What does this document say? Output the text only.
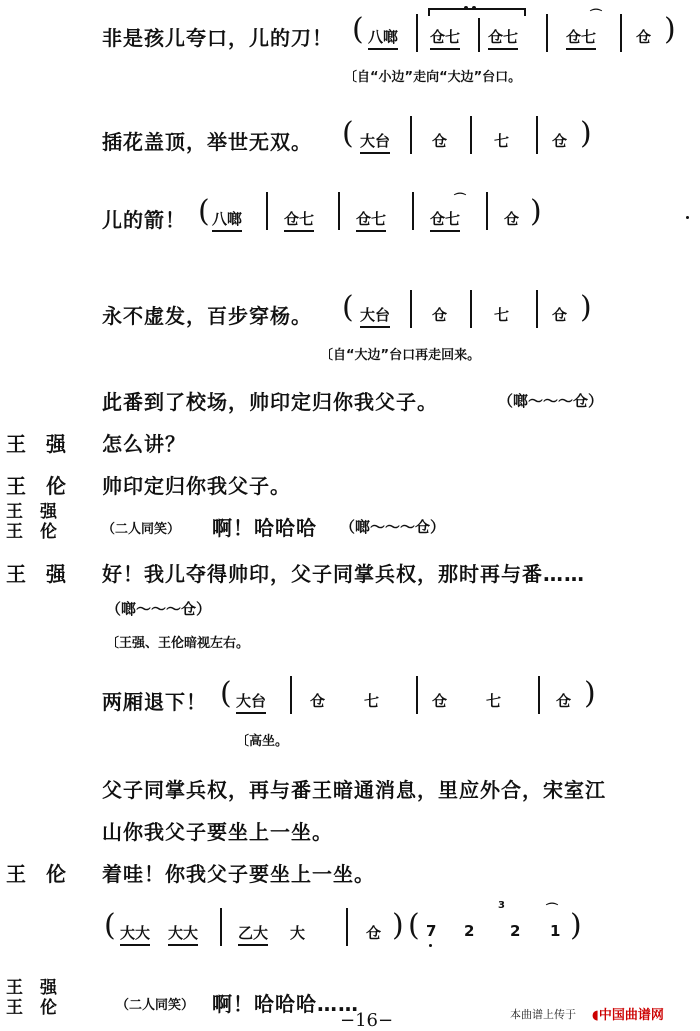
非是孩儿夸口，儿的刀！ ( 八啷 仓七 仓七
⌒
仓七	仓 )
〔自“小边”走向“大边”台口。
插花盖顶，举世无双。 ( 大台	仓	七	仓 )
儿的箭！ ( 八啷	仓七	仓七
⌒
仓七	仓 )
永不虚发，百步穿杨。 ( 大台	仓	七	仓 )
〔自“大边”台口再走回来。
此番到了校场，帅印定归你我父子。	（啷～～～仓）
王　强 怎么讲？
王　伦 帅印定归你我父子。
王　强
王　伦	（二人同笑） 啊！哈哈哈 （啷～～～仓）
王　强 好！我儿夺得帅印，父子同掌兵权，那时再与番……
（啷～～～仓）
〔王强、王伦暗视左右。
两厢退下！ ( 大台	仓	七	仓	七	仓 )
〔高坐。
父子同掌兵权，再与番王暗通消息，里应外合，宋室江
山你我父子要坐上一坐。
王　伦 着哇！你我父子要坐上一坐。
( 大大 大大	乙大 大	仓 ) ( 7 2
3
2
⌒
1 )
王　强
王　伦	（二人同笑） 啊！哈哈哈……	本曲谱上传于 ◖中国曲谱网
−16−
